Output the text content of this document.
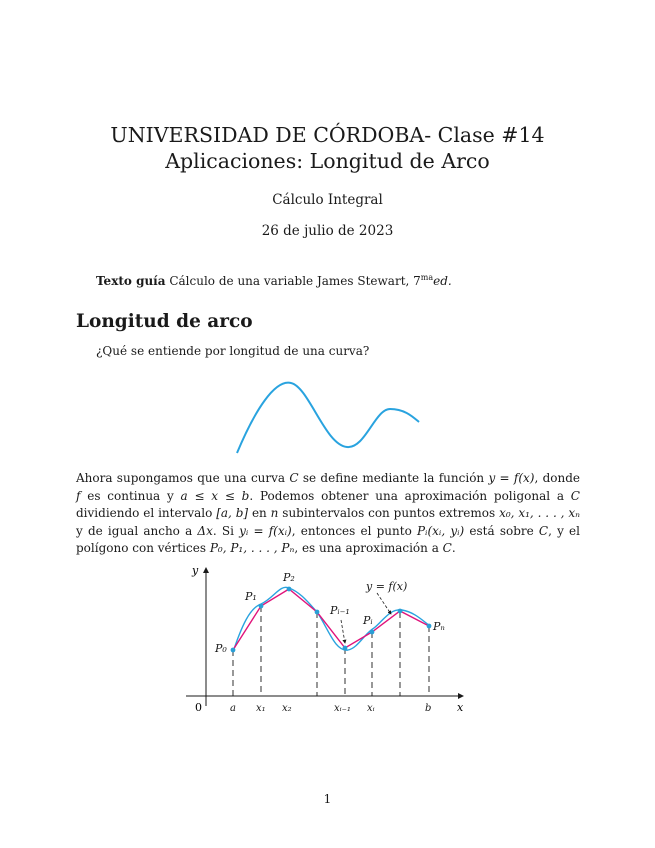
UNIVERSIDAD DE CÓRDOBA- Clase #14
Aplicaciones: Longitud de Arco
Cálculo Integral
26 de julio de 2023
Texto guía Cálculo de una variable James Stewart, $7^{ma}ed$.
Longitud de arco
¿Qué se entiende por longitud de una curva?
Ahora supongamos que una curva C se define mediante la función y = f(x), donde f es continua y a ≤ x ≤ b. Podemos obtener una aproximación poligonal a C dividiendo el intervalo [a, b] en n subintervalos con puntos extremos x₀, x₁, . . . , xₙ y de igual ancho a Δx. Si yᵢ = f(xᵢ), entonces el punto Pᵢ(xᵢ, yᵢ) está sobre C, y el polígono con vértices P₀, P₁, . . . , Pₙ, es una aproximación a C.
y
x
0
P₀
P₁
P₂
Pᵢ₋₁
Pᵢ	Pₙ
y = f(x)
a x₁ x₂	xᵢ₋₁ xᵢ	b
1
